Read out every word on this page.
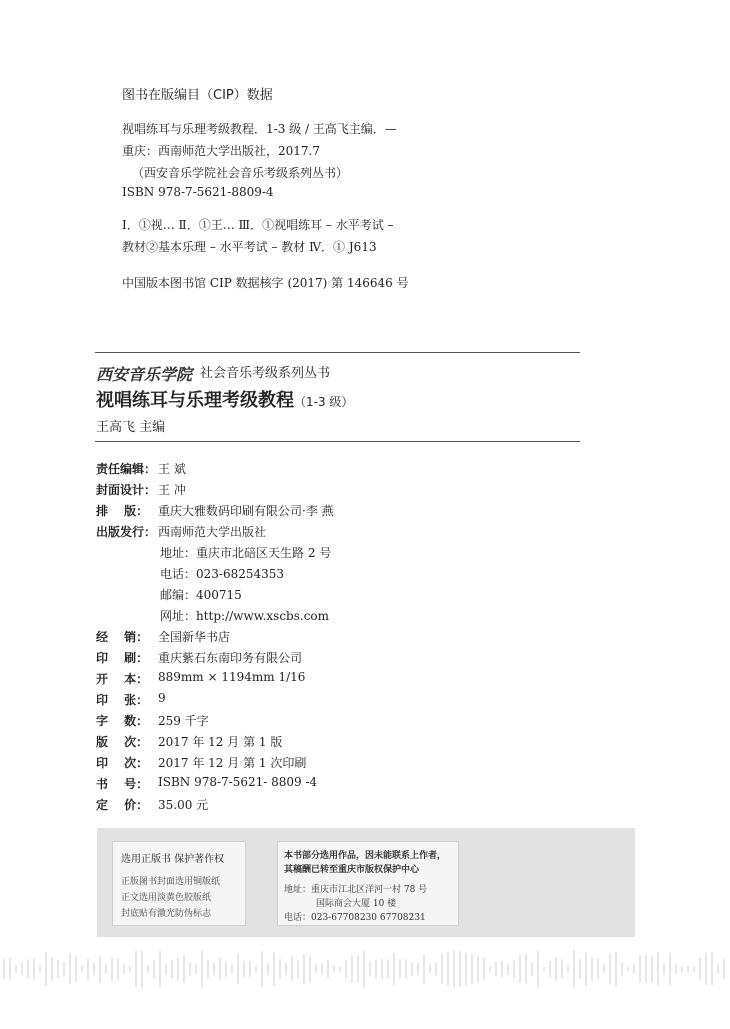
图书在版编目（CIP）数据
视唱练耳与乐理考级教程．1-3 级 / 王高飞主编．—
重庆：西南师范大学出版社，2017.7
（西安音乐学院社会音乐考级系列丛书）
ISBN 978-7-5621-8809-4
Ⅰ．①视… Ⅱ．①王… Ⅲ．①视唱练耳 – 水平考试 –
教材②基本乐理 – 水平考试 – 教材 Ⅳ．① J613
中国版本图书馆 CIP 数据核字 (2017) 第 146646 号
西安音乐学院 社会音乐考级系列丛书
视唱练耳与乐理考级教程（1-3 级）
王高飞 主编
责任编辑： 王 斌
封面设计： 王 冲
排　 版： 重庆大雅数码印刷有限公司·李 燕
出版发行： 西南师范大学出版社
地址：重庆市北碚区天生路 2 号
电话：023-68254353
邮编：400715
网址：http://www.xscbs.com
经　 销： 全国新华书店
印　 刷： 重庆紫石东南印务有限公司
开　 本： 889mm × 1194mm 1/16
印　 张： 9
字　 数： 259 千字
版　 次： 2017 年 12 月 第 1 版
印　 次： 2017 年 12 月 第 1 次印刷
书　 号： ISBN 978-7-5621- 8809 -4
定　 价： 35.00 元
选用正版书 保护著作权
正版图书封面选用铜版纸
正文选用淡黄色胶版纸
封底贴有激光防伪标志
本书部分选用作品，因未能联系上作者，
其稿酬已转至重庆市版权保护中心
地址：重庆市江北区洋河一村 78 号
国际商会大厦 10 楼
电话：023-67708230 67708231
